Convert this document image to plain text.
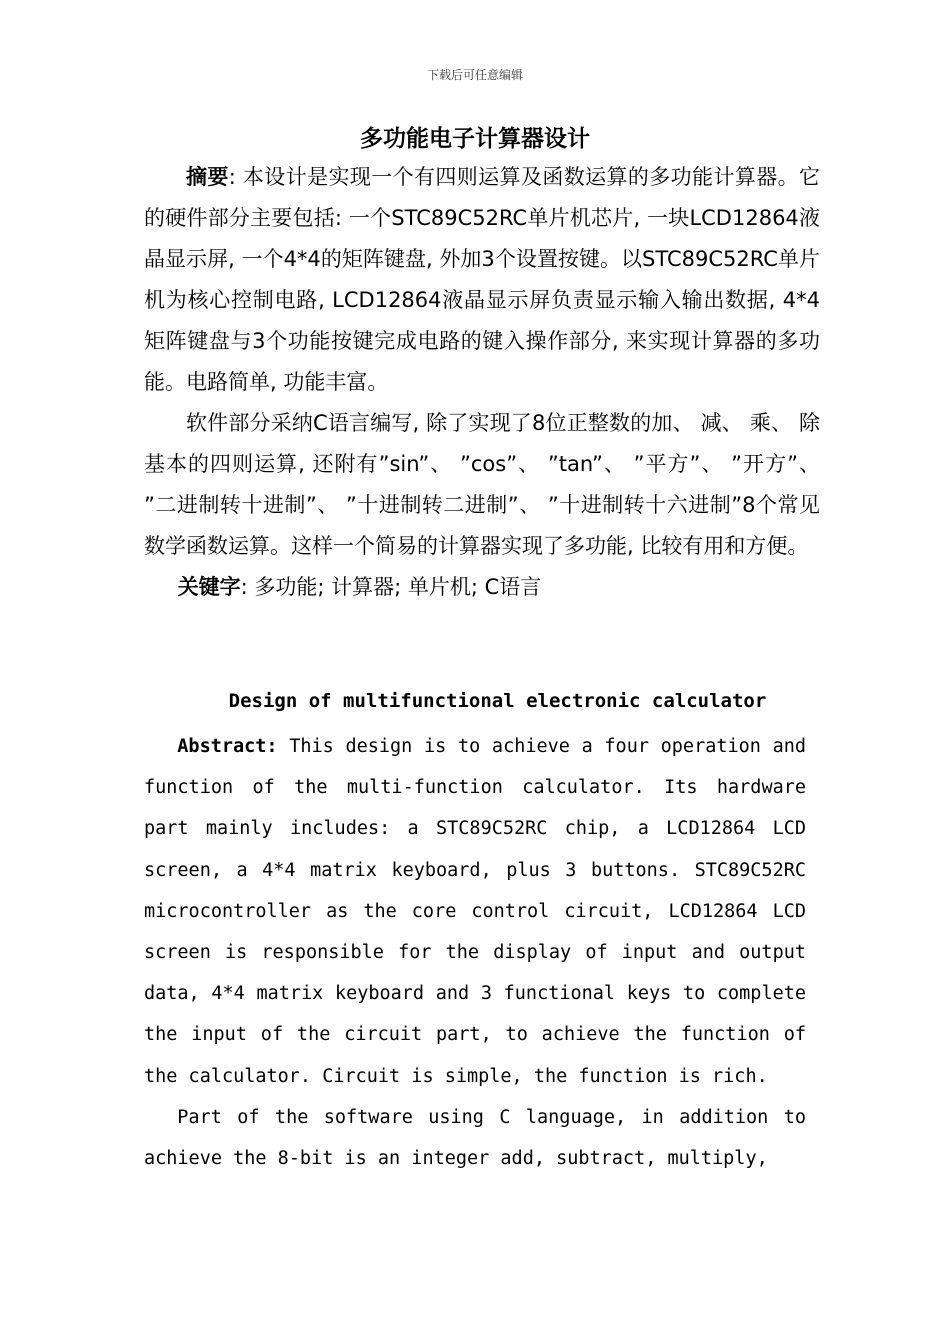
下载后可任意编辑
多功能电子计算器设计

摘要: 本设计是实现一个有四则运算及函数运算的多功能计算器。它的硬件部分主要包括: 一个STC89C52RC单片机芯片, 一块LCD12864液晶显示屏, 一个4*4的矩阵键盘, 外加3个设置按键。以STC89C52RC单片机为核心控制电路, LCD12864液晶显示屏负责显示输入输出数据, 4*4矩阵键盘与3个功能按键完成电路的键入操作部分, 来实现计算器的多功能。电路简单, 功能丰富。

软件部分采纳C语言编写, 除了实现了8位正整数的加、 减、 乘、 除基本的四则运算, 还附有”sin”、 ”cos”、 ”tan”、 ”平方”、 ”开方”、 ”二进制转十进制”、 ”十进制转二进制”、 ”十进制转十六进制”8个常见数学函数运算。这样一个简易的计算器实现了多功能, 比较有用和方便。

关键字: 多功能; 计算器; 单片机; C语言

Design of multifunctional electronic calculator

Abstract: This design is to achieve a four operation and function of the multi-function calculator. Its hardware part mainly includes: a STC89C52RC chip, a LCD12864 LCD screen, a 4*4 matrix keyboard, plus 3 buttons. STC89C52RC microcontroller as the core control circuit, LCD12864 LCD screen is responsible for the display of input and output data, 4*4 matrix keyboard and 3 functional keys to complete the input of the circuit part, to achieve the function of the calculator. Circuit is simple, the function is rich.

Part of the software using C language, in addition to achieve the 8-bit is an integer add, subtract, multiply,
